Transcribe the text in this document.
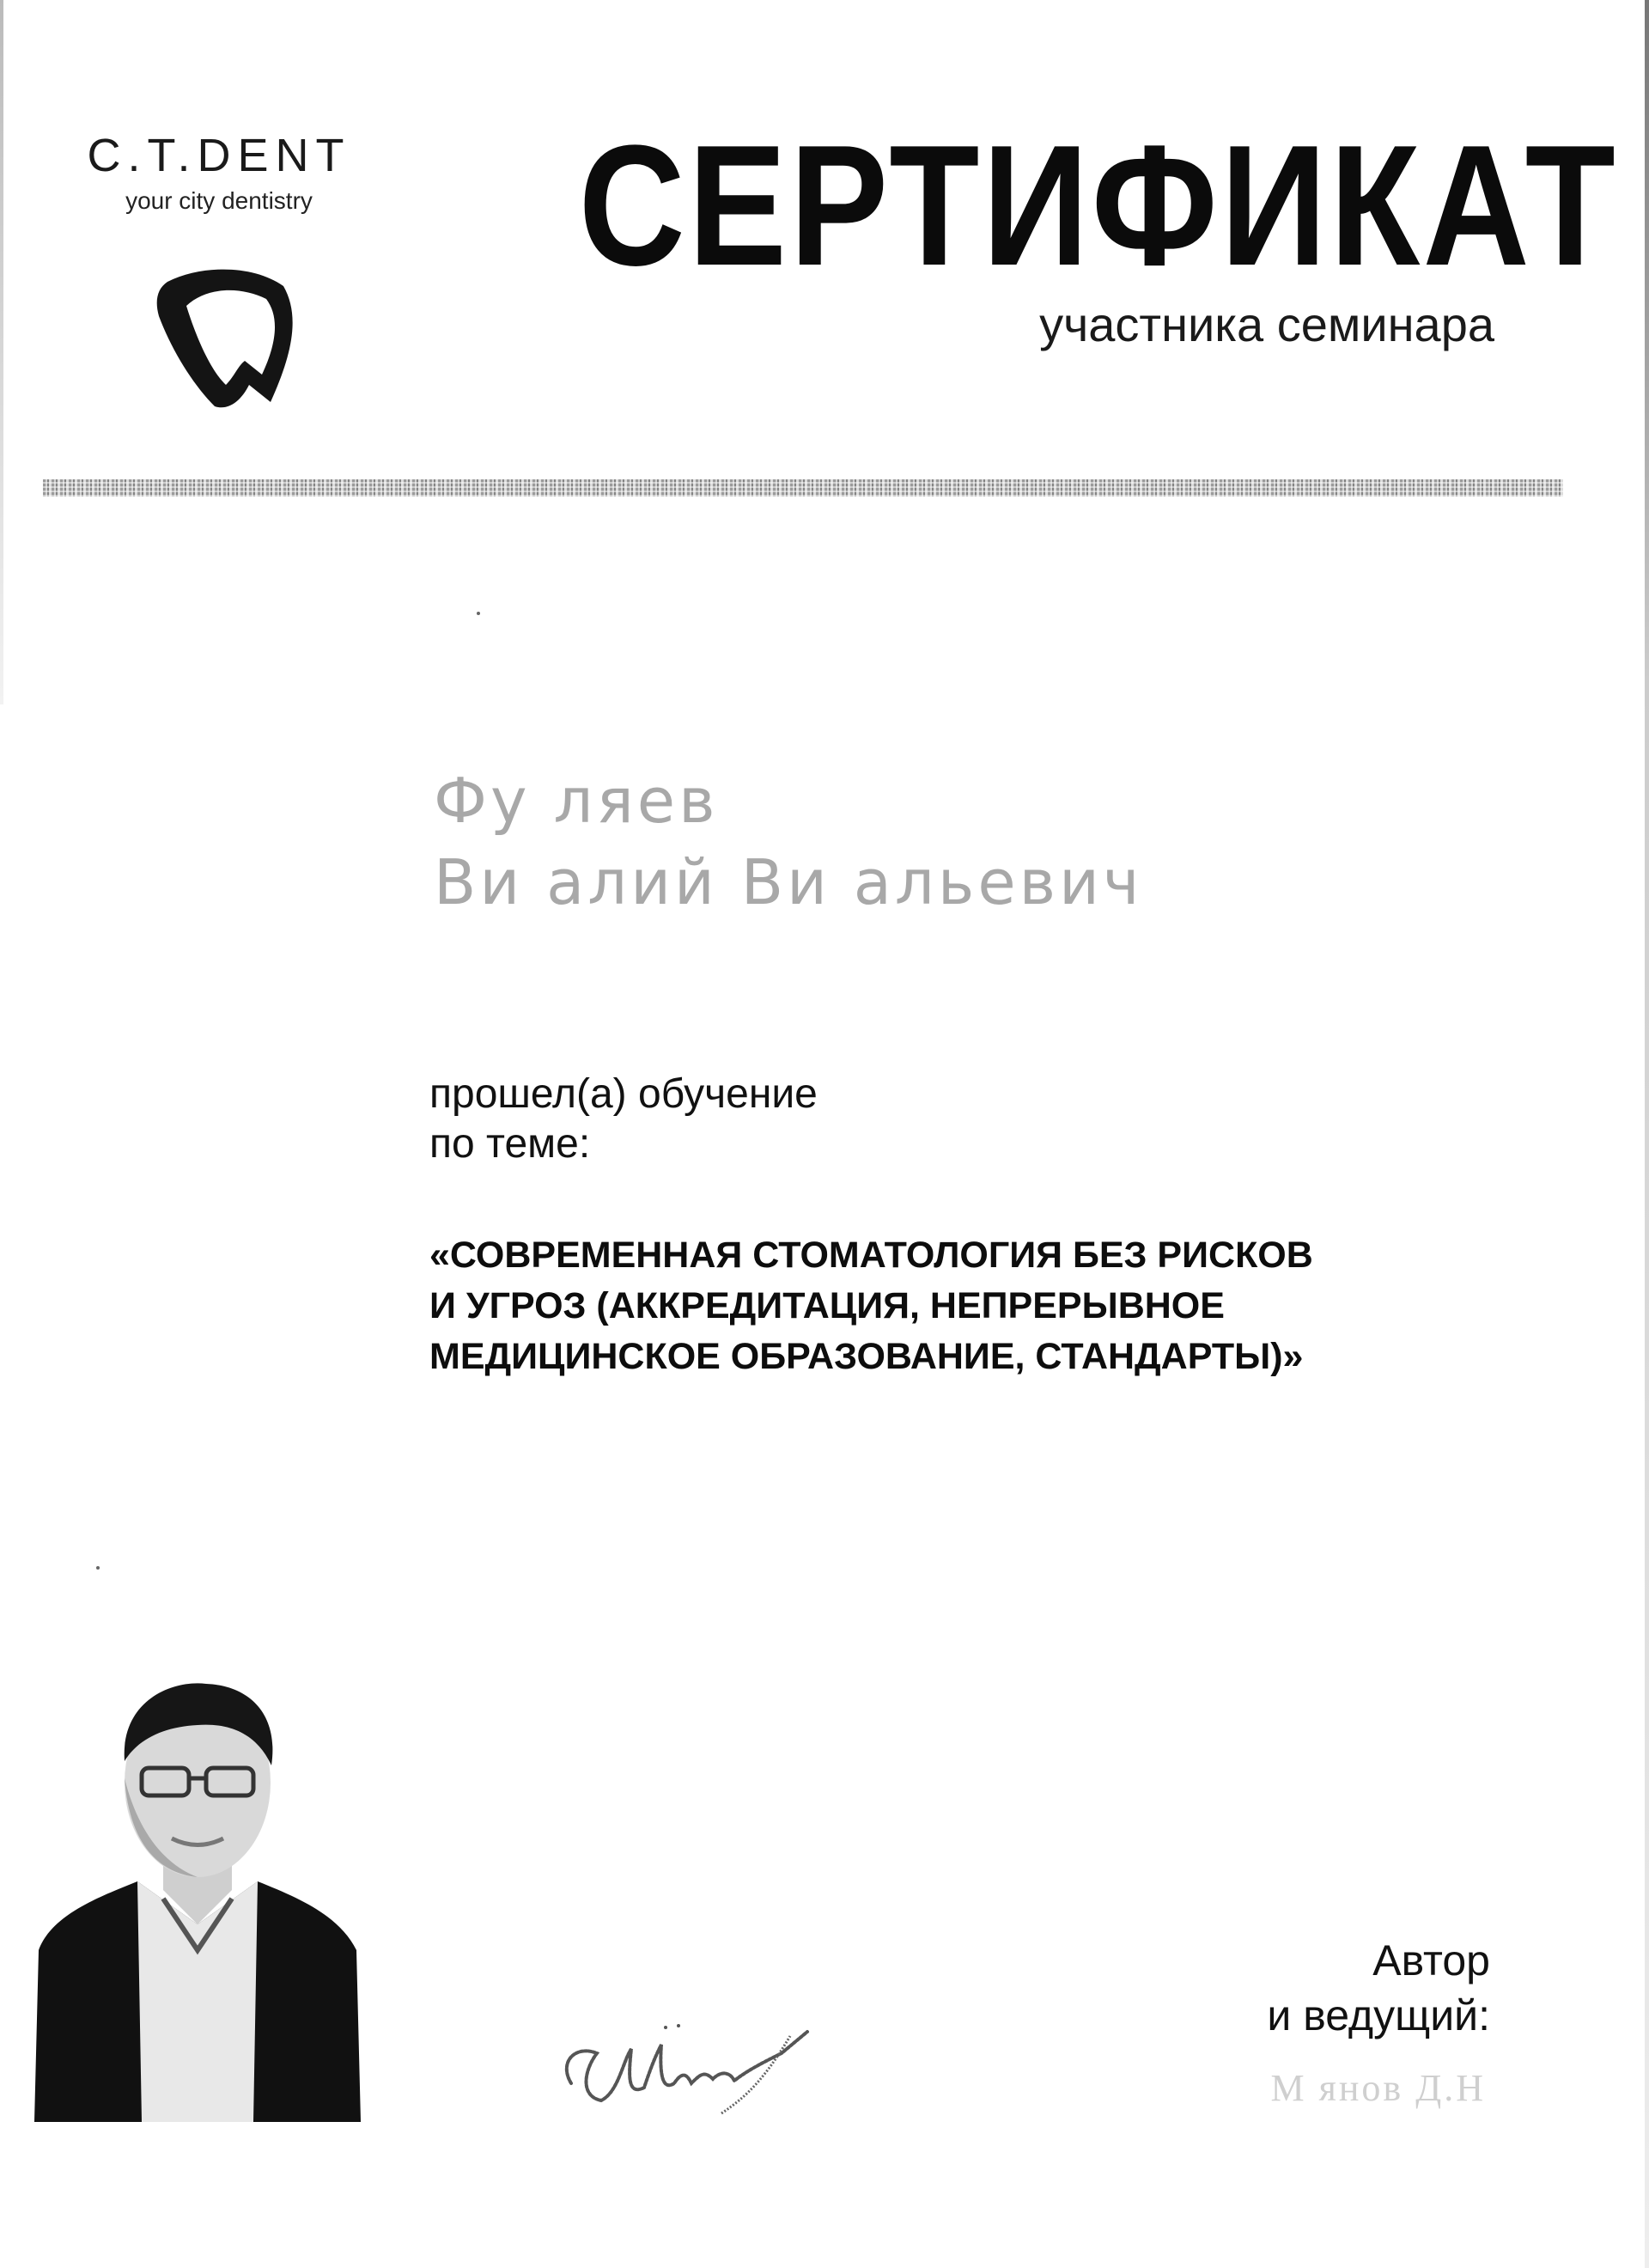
C.T.DENT
your city dentistry СЕРТИФИКАТ
участника семинара
Фу ляев
Ви алий Ви альевич
прошел(а) обучение
по теме:
«СОВРЕМЕННАЯ СТОМАТОЛОГИЯ БЕЗ РИСКОВ
И УГРОЗ (АККРЕДИТАЦИЯ, НЕПРЕРЫВНОЕ
МЕДИЦИНСКОЕ ОБРАЗОВАНИЕ, СТАНДАРТЫ)»
Автор
и ведущий:
М янов Д.Н
